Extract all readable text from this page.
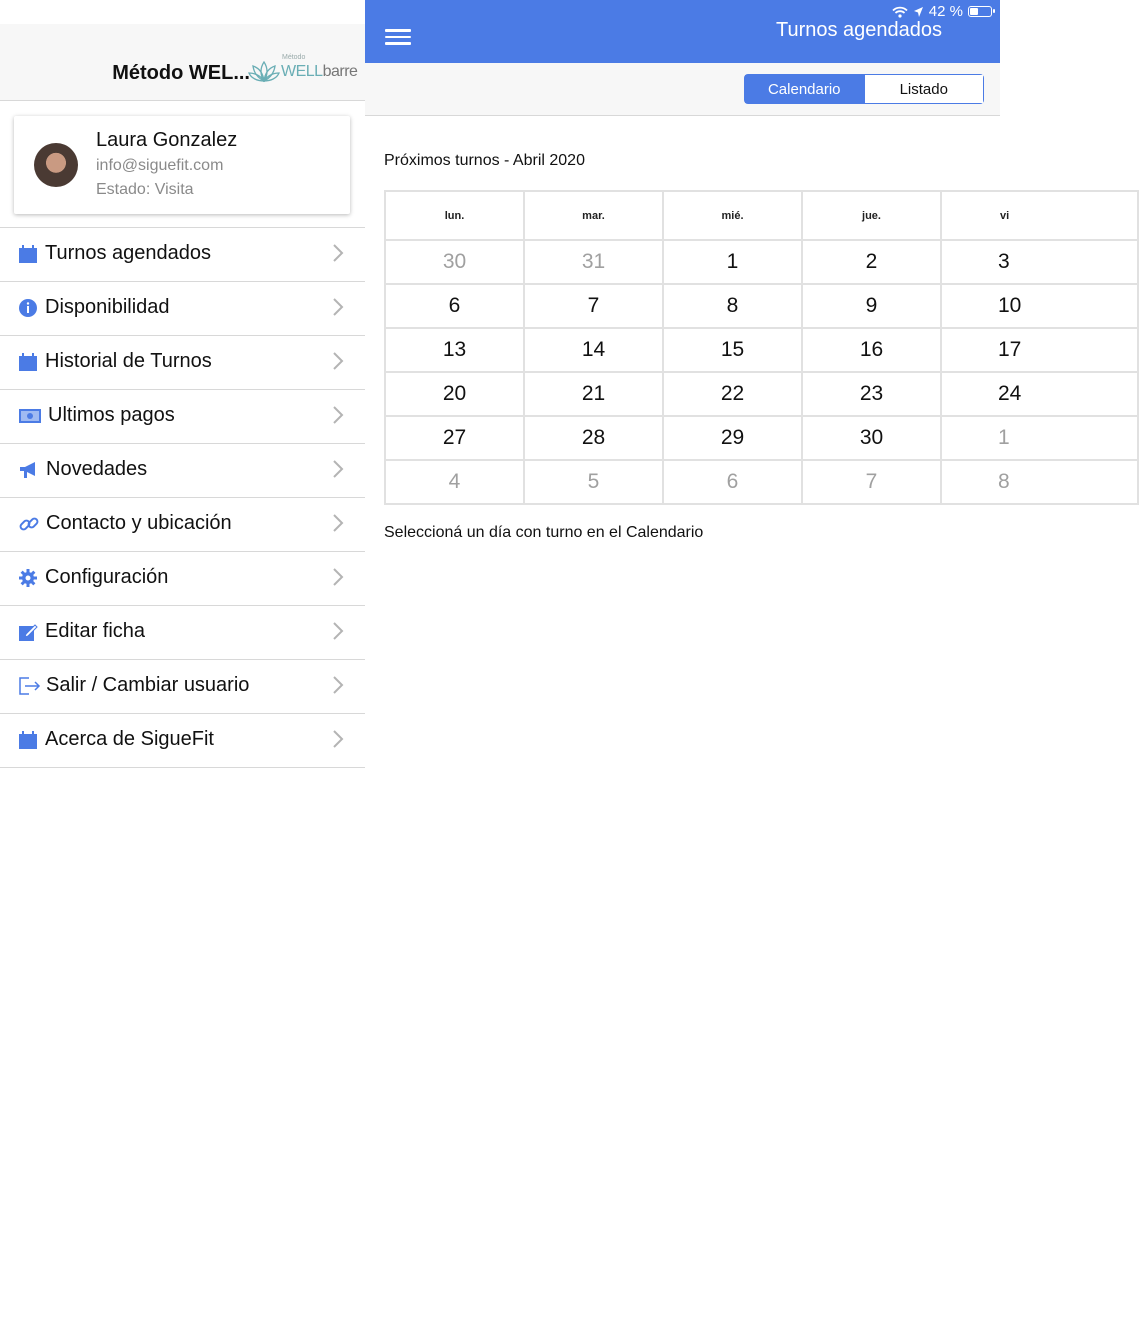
Método WEL...
Método
WELLbarre
Laura Gonzalez
info@siguefit.com
Estado: Visita
Turnos agendados
Disponibilidad
Historial de Turnos
Ultimos pagos
Novedades
Contacto y ubicación
Configuración
Editar ficha
Salir / Cambiar usuario
Acerca de SigueFit
Turnos agendados
42 %
Calendario	Listado
Próximos turnos - Abril 2020
lun.	mar.	mié.	jue.	vi
30	31	1	2	3
6	7	8	9	10
13	14	15	16	17
20	21	22	23	24
27	28	29	30	1
4	5	6	7	8
Seleccioná un día con turno en el Calendario
